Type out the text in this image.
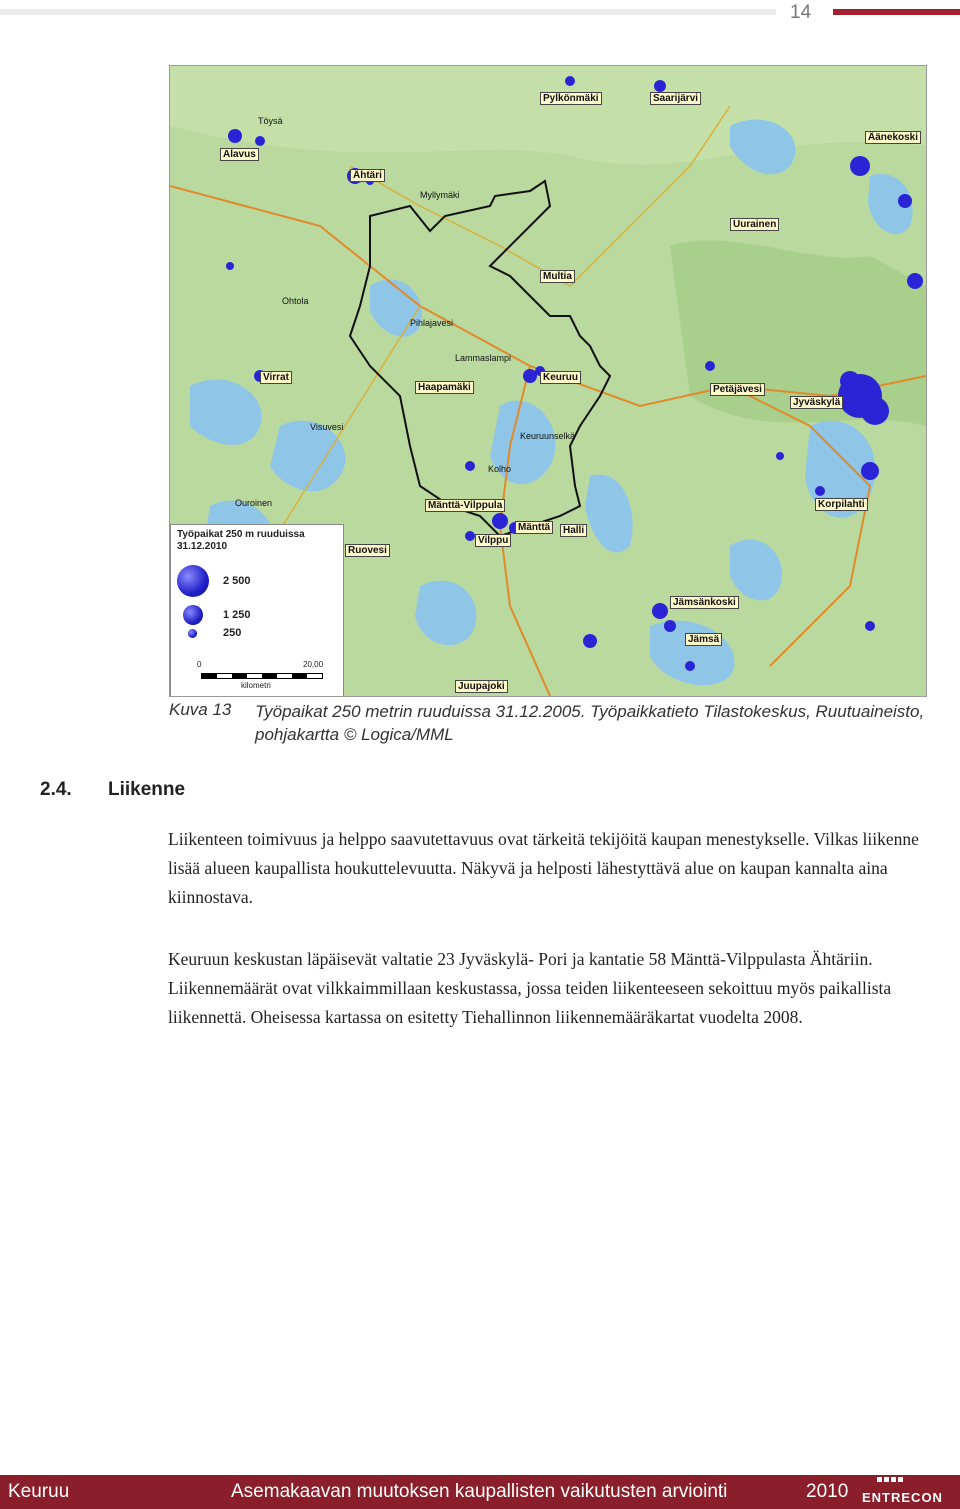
14
Töysä
Alavus
Ähtäri
Myllymäki
Saarijärvi
Pylkönmäki
Äänekoski
Uurainen
Multia
Virrat
Haapamäki
Keuruu
Petäjävesi
Jyväskylä
Keuruunselkä
Mänttä-Vilppula
Mänttä
Vilppu
Ruovesi
Jämsänkoski
Jämsä
Korpilahti
Juupajoki
Halli
Visuvesi
Kolho
Ohtola
Lammaslampi
Pihlajavesi
Ouroinen
Työpaikat 250 m ruuduissa 31.12.2010
2 500
1 250
250
0	20,00
kilometri
Kuva 13 Työpaikat 250 metrin ruuduissa 31.12.2005. Työpaikkatieto Tilastokeskus, Ruutuaineisto, pohjakartta © Logica/MML
2.4. Liikenne
Liikenteen toimivuus ja helppo saavutettavuus ovat tärkeitä tekijöitä kaupan menestykselle. Vilkas liikenne lisää alueen kaupallista houkuttelevuutta. Näkyvä ja helposti lähestyttävä alue on kaupan kannalta aina kiinnostava.
Keuruun keskustan läpäisevät valtatie 23 Jyväskylä- Pori ja kantatie 58 Mänttä-Vilppulasta Ähtäriin. Liikennemäärät ovat vilkkaimmillaan keskustassa, jossa teiden liikenteeseen sekoittuu myös paikallista liikennettä. Oheisessa kartassa on esitetty Tiehallinnon liikennemääräkartat vuodelta 2008.
Keuruu	Asemakaavan muutoksen kaupallisten vaikutusten arviointi	2010 ENTRECON
